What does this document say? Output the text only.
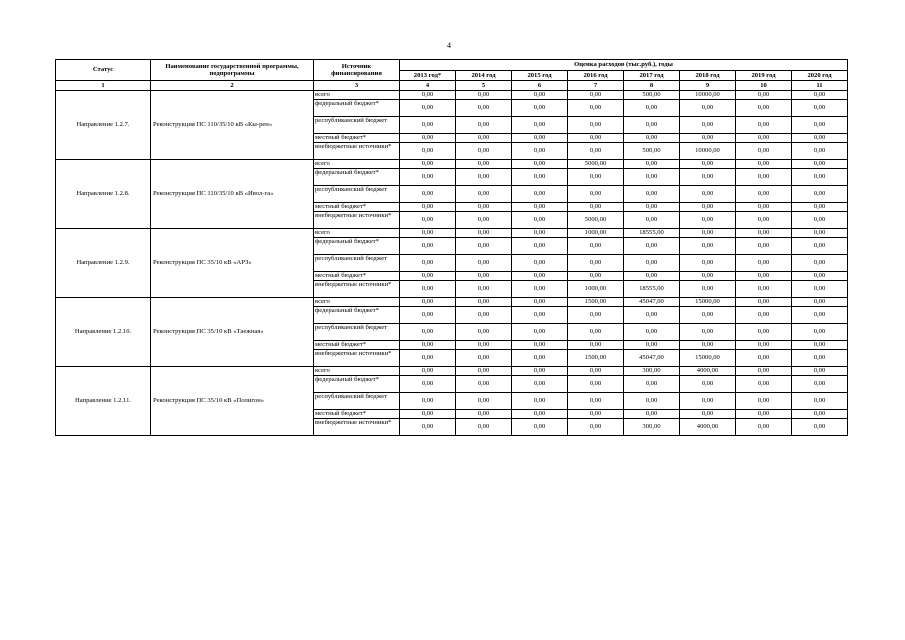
4
Статус	Наименование государственной программы, подпрограммы	Источник финансирования	Оценка расходов (тыс.руб.), годы							
			2013 год*	2014 год	2015 год	2016 год	2017 год	2018 год	2019 год	2020 год
1	2	3	4	5	6	7	8	9	10	11
Направление 1.2.7.	Реконструкция ПС 110/35/10 кВ «Кы-рен»	всего	0,00	0,00	0,00	0,00	500,00	10000,00	0,00	0,00
		федеральный бюджет*	0,00	0,00	0,00	0,00	0,00	0,00	0,00	0,00
		республиканский бюджет	0,00	0,00	0,00	0,00	0,00	0,00	0,00	0,00
		местный бюджет*	0,00	0,00	0,00	0,00	0,00	0,00	0,00	0,00
		внебюджетные источники*	0,00	0,00	0,00	0,00	500,00	10000,00	0,00	0,00
Направление 1.2.8.	Реконструкция ПС 110/35/10 кВ «Ивол-га»	всего	0,00	0,00	0,00	5000,00	0,00	0,00	0,00	0,00
		федеральный бюджет*	0,00	0,00	0,00	0,00	0,00	0,00	0,00	0,00
		республиканский бюджет	0,00	0,00	0,00	0,00	0,00	0,00	0,00	0,00
		местный бюджет*	0,00	0,00	0,00	0,00	0,00	0,00	0,00	0,00
		внебюджетные источники*	0,00	0,00	0,00	5000,00	0,00	0,00	0,00	0,00
Направление 1.2.9.	Реконструкция ПС 35/10 кВ «АРЗ»	всего	0,00	0,00	0,00	1000,00	18555,00	0,00	0,00	0,00
		федеральный бюджет*	0,00	0,00	0,00	0,00	0,00	0,00	0,00	0,00
		республиканский бюджет	0,00	0,00	0,00	0,00	0,00	0,00	0,00	0,00
		местный бюджет*	0,00	0,00	0,00	0,00	0,00	0,00	0,00	0,00
		внебюджетные источники*	0,00	0,00	0,00	1000,00	18555,00	0,00	0,00	0,00
Направление 1.2.10.	Реконструкция ПС 35/10 кВ «Таежная»	всего	0,00	0,00	0,00	1500,00	45047,00	15000,00	0,00	0,00
		федеральный бюджет*	0,00	0,00	0,00	0,00	0,00	0,00	0,00	0,00
		республиканский бюджет	0,00	0,00	0,00	0,00	0,00	0,00	0,00	0,00
		местный бюджет*	0,00	0,00	0,00	0,00	0,00	0,00	0,00	0,00
		внебюджетные источники*	0,00	0,00	0,00	1500,00	45047,00	15000,00	0,00	0,00
Направление 1.2.11.	Реконструкция ПС 35/10 кВ «Полигон»	всего	0,00	0,00	0,00	0,00	300,00	4000,00	0,00	0,00
		федеральный бюджет*	0,00	0,00	0,00	0,00	0,00	0,00	0,00	0,00
		республиканский бюджет	0,00	0,00	0,00	0,00	0,00	0,00	0,00	0,00
		местный бюджет*	0,00	0,00	0,00	0,00	0,00	0,00	0,00	0,00
		внебюджетные источники*	0,00	0,00	0,00	0,00	300,00	4000,00	0,00	0,00
